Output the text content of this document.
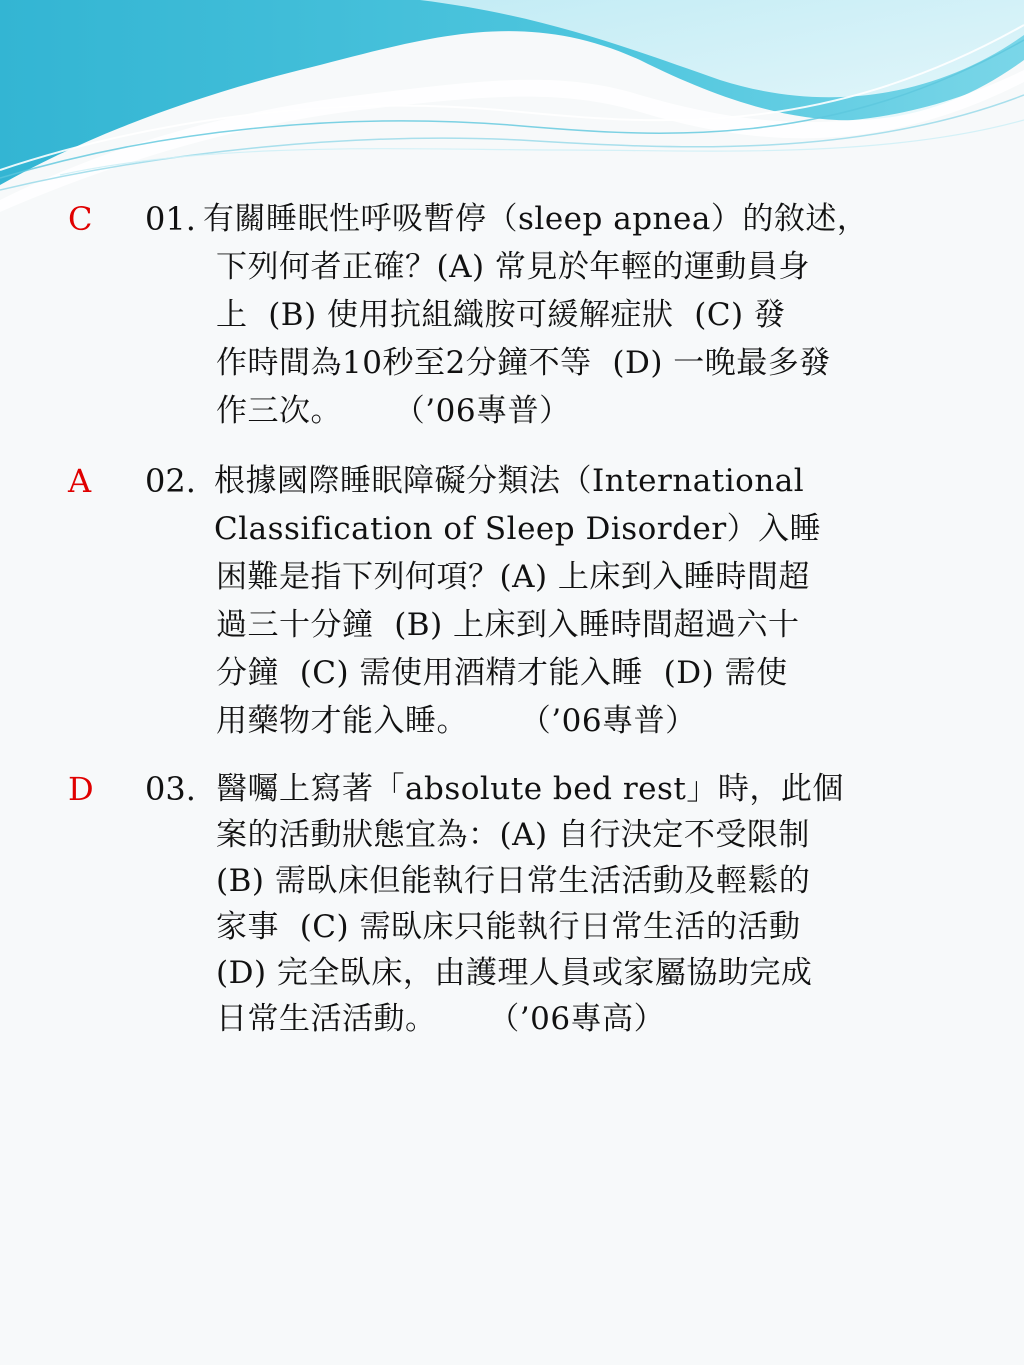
C 01. 有關睡眠性呼吸暫停（sleep apnea）的敘述，
下列何者正確？(A) 常見於年輕的運動員身
上  (B) 使用抗組織胺可緩解症狀  (C) 發
作時間為10秒至2分鐘不等  (D) 一晚最多發
作三次。     （’06專普）
A 02. 根據國際睡眠障礙分類法（International
Classification of Sleep Disorder）入睡
困難是指下列何項？(A) 上床到入睡時間超
過三十分鐘  (B) 上床到入睡時間超過六十
分鐘  (C) 需使用酒精才能入睡  (D) 需使
用藥物才能入睡。     （’06專普）
D 03. 醫囑上寫著「absolute bed rest」時，此個
案的活動狀態宜為：(A) 自行決定不受限制
(B) 需臥床但能執行日常生活活動及輕鬆的
家事  (C) 需臥床只能執行日常生活的活動
(D) 完全臥床，由護理人員或家屬協助完成
日常生活活動。     （’06專高）
